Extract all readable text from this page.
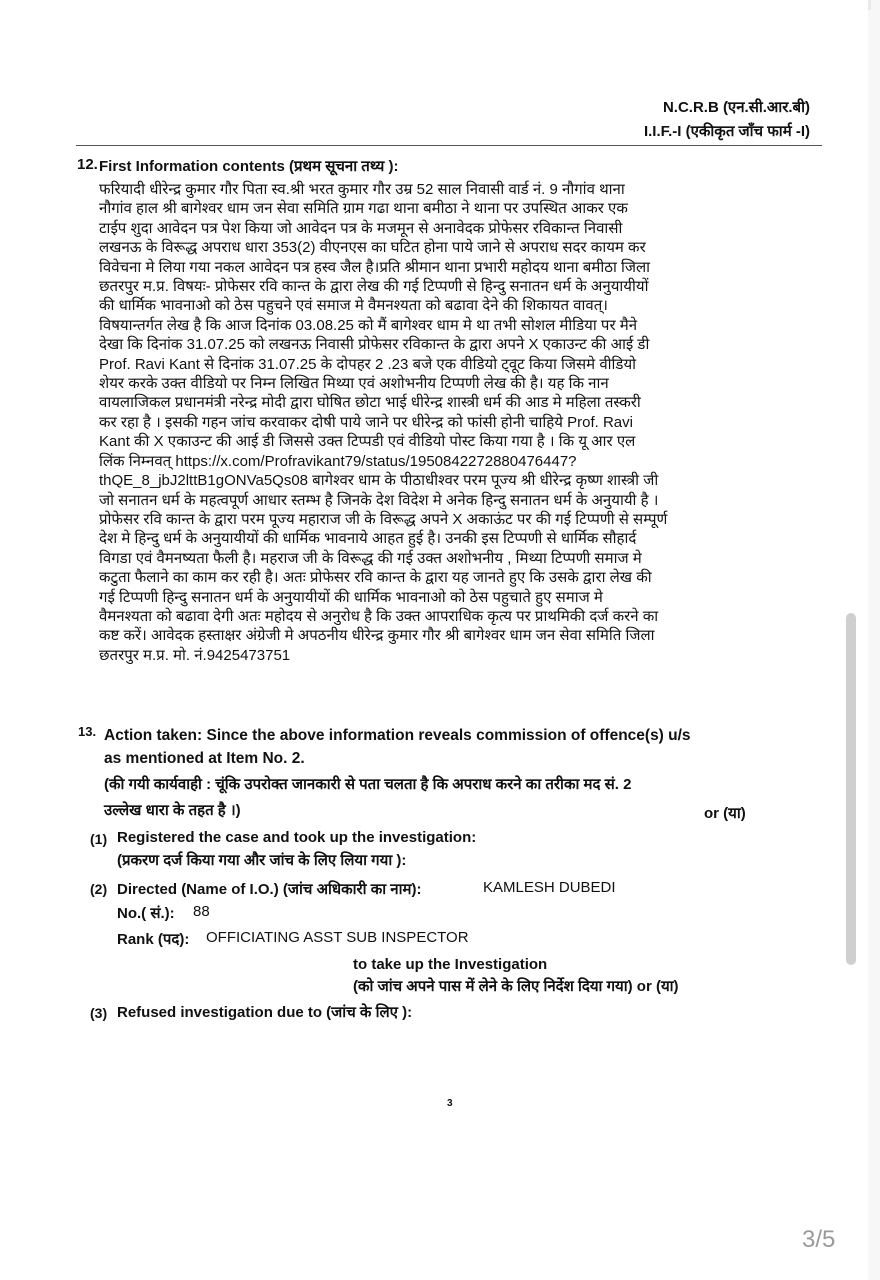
N.C.R.B (एन.सी.आर.बी)
I.I.F.-I (एकीकृत जाँच फार्म -I)
12. First Information contents (प्रथम सूचना तथ्य ):
फरियादी धीरेन्द्र कुमार गौर पिता स्व.श्री भरत कुमार गौर उम्र 52 साल निवासी वार्ड नं. 9 नौगांव थाना
नौगांव हाल श्री बागेश्वर धाम जन सेवा समिति ग्राम गढा थाना बमीठा ने थाना पर उपस्थित आकर एक
टाईप शुदा आवेदन पत्र पेश किया जो आवेदन पत्र के मजमून से अनावेदक प्रोफेसर रविकान्त निवासी
लखनऊ के विरूद्ध अपराध धारा 353(2) वीएनएस का घटित होना पाये जाने से अपराध सदर कायम कर
विवेचना मे लिया गया नकल आवेदन पत्र हस्व जैल है।प्रति श्रीमान थाना प्रभारी महोदय थाना बमीठा जिला
छतरपुर म.प्र. विषयः- प्रोफेसर रवि कान्त के द्वारा लेख की गई टिप्पणी से हिन्दु सनातन धर्म के अनुयायीयों
की धार्मिक भावनाओ को ठेस पहुचने एवं समाज मे वैमनश्यता को बढावा देने की शिकायत वावत्।
विषयान्तर्गत लेख है कि आज दिनांक 03.08.25 को मैं बागेश्वर धाम मे था तभी सोशल मीडिया पर मैने
देखा कि दिनांक 31.07.25 को लखनऊ निवासी प्रोफेसर रविकान्त के द्वारा अपने X एकाउन्ट की आई डी
Prof. Ravi Kant से दिनांक 31.07.25 के दोपहर 2 .23 बजे एक वीडियो ट्वूट किया जिसमे वीडियो
शेयर करके उक्त वीडियो पर निम्न लिखित मिथ्या एवं अशोभनीय टिप्पणी लेख की है। यह कि नान
वायलाजिकल प्रधानमंत्री नरेन्द्र मोदी द्वारा घोषित छोटा भाई धीरेन्द्र शास्त्री धर्म की आड मे महिला तस्करी
कर रहा है । इसकी गहन जांच करवाकर दोषी पाये जाने पर धीरेन्द्र को फांसी होनी चाहिये Prof. Ravi
Kant की X एकाउन्ट की आई डी जिससे उक्त टिप्पडी एवं वीडियो पोस्ट किया गया है । कि यू आर एल
लिंक निम्नवत् https://x.com/Profravikant79/status/1950842272880476447?
thQE_8_jbJ2lttB1gONVa5Qs08 बागेश्वर धाम के पीठाधीश्वर परम पूज्य श्री धीरेन्द्र कृष्ण शास्त्री जी
जो सनातन धर्म के महत्वपूर्ण आधार स्तम्भ है जिनके देश विदेश मे अनेक हिन्दु सनातन धर्म के अनुयायी है ।
प्रोफेसर रवि कान्त के द्वारा परम पूज्य महाराज जी के विरूद्ध अपने X अकाऊंट पर की गई टिप्पणी से सम्पूर्ण
देश मे हिन्दु धर्म के अनुयायीयों की धार्मिक भावनाये आहत हुई है। उनकी इस टिप्पणी से धार्मिक सौहार्द
विगडा एवं वैमनष्यता फैली है। महराज जी के विरूद्ध की गई उक्त अशोभनीय , मिथ्या टिप्पणी समाज मे
कटुता फैलाने का काम कर रही है। अतः प्रोफेसर रवि कान्त के द्वारा यह जानते हुए कि उसके द्वारा लेख की
गई टिप्पणी हिन्दु सनातन धर्म के अनुयायीयों की धार्मिक भावनाओ को ठेस पहुचाते हुए समाज मे
वैमनश्यता को बढावा देगी अतः महोदय से अनुरोध है कि उक्त आपराधिक कृत्य पर प्राथमिकी दर्ज करने का
कष्ट करें। आवेदक हस्ताक्षर अंग्रेजी मे अपठनीय धीरेन्द्र कुमार गौर श्री बागेश्वर धाम जन सेवा समिति जिला
छतरपुर म.प्र. मो. नं.9425473751
13. Action taken: Since the above information reveals commission of offence(s) u/s
as mentioned at Item No. 2.
(की गयी कार्यवाही : चूंकि उपरोक्त जानकारी से पता चलता है कि अपराध करने का तरीका मद सं. 2
उल्लेख धारा के तहत है ।)	or (या)
(1) Registered the case and took up the investigation:
(प्रकरण दर्ज किया गया और जांच के लिए लिया गया ):
(2) Directed (Name of I.O.) (जांच अधिकारी का नाम):	KAMLESH DUBEDI
No.( सं.): 88
Rank (पद): OFFICIATING ASST SUB INSPECTOR
to take up the Investigation
(को जांच अपने पास में लेने के लिए निर्देश दिया गया) or (या)
(3) Refused investigation due to (जांच के लिए ):
3
3/5
